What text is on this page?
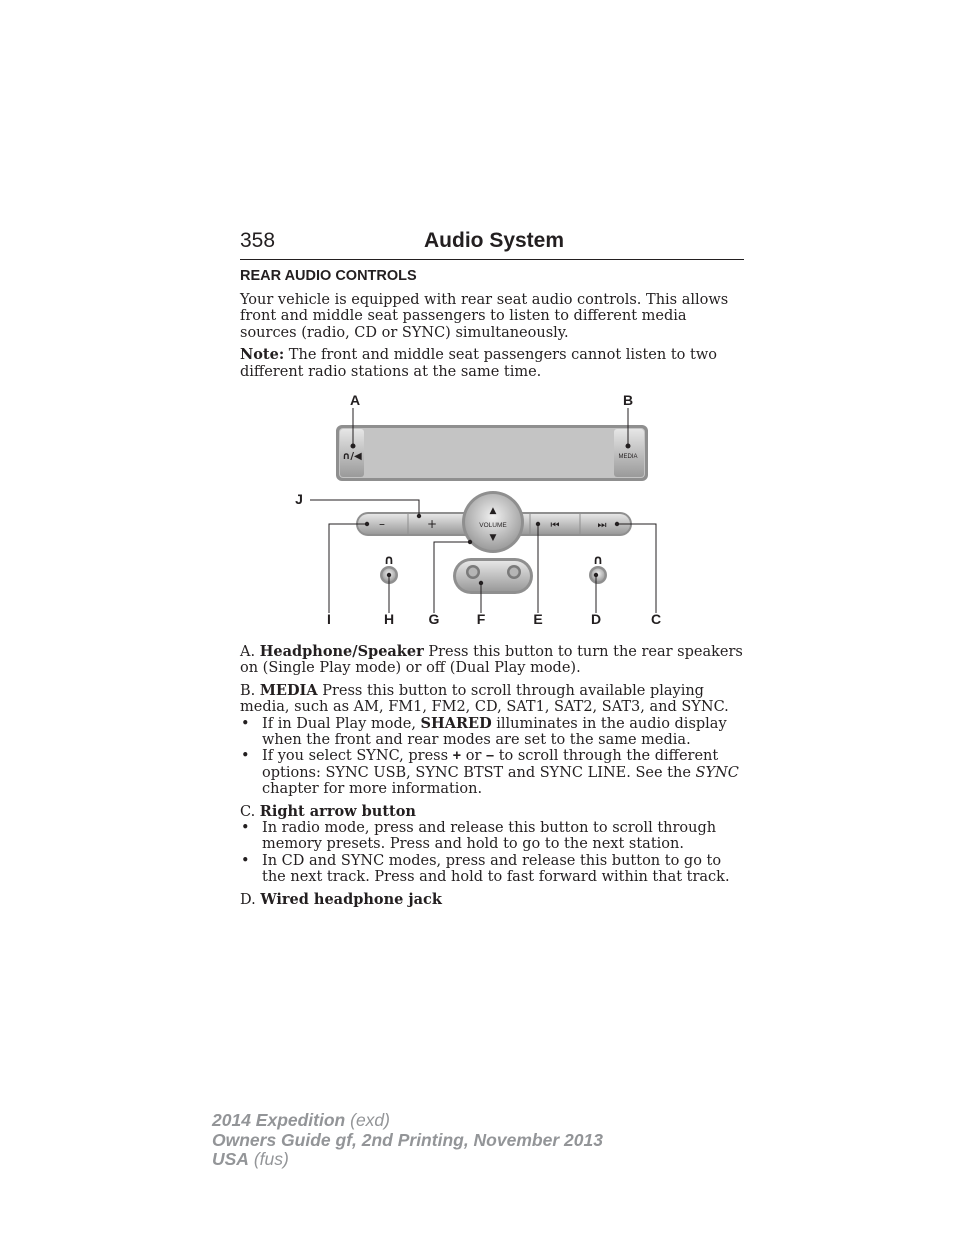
358	Audio System
REAR AUDIO CONTROLS

Your vehicle is equipped with rear seat audio controls. This allows front and middle seat passengers to listen to different media sources (radio, CD or SYNC) simultaneously.

Note: The front and middle seat passengers cannot listen to two different radio stations at the same time.

∩/◀	MEDIA
–	+	⏮	⏭
▲
VOLUME
▼
∩	∩
A	B
J
I	H G	F	E	D	C

A. Headphone/Speaker Press this button to turn the rear speakers on (Single Play mode) or off (Dual Play mode).

B. MEDIA Press this button to scroll through available playing media, such as AM, FM1, FM2, CD, SAT1, SAT2, SAT3, and SYNC.

• If in Dual Play mode, SHARED illuminates in the audio display when the front and rear modes are set to the same media.
• If you select SYNC, press + or – to scroll through the different options: SYNC USB, SYNC BTST and SYNC LINE. See the SYNC chapter for more information.

C. Right arrow button

• In radio mode, press and release this button to scroll through memory presets. Press and hold to go to the next station.
• In CD and SYNC modes, press and release this button to go to the next track. Press and hold to fast forward within that track.

D. Wired headphone jack

2014 Expedition (exd)
Owners Guide gf, 2nd Printing, November 2013
USA (fus)
